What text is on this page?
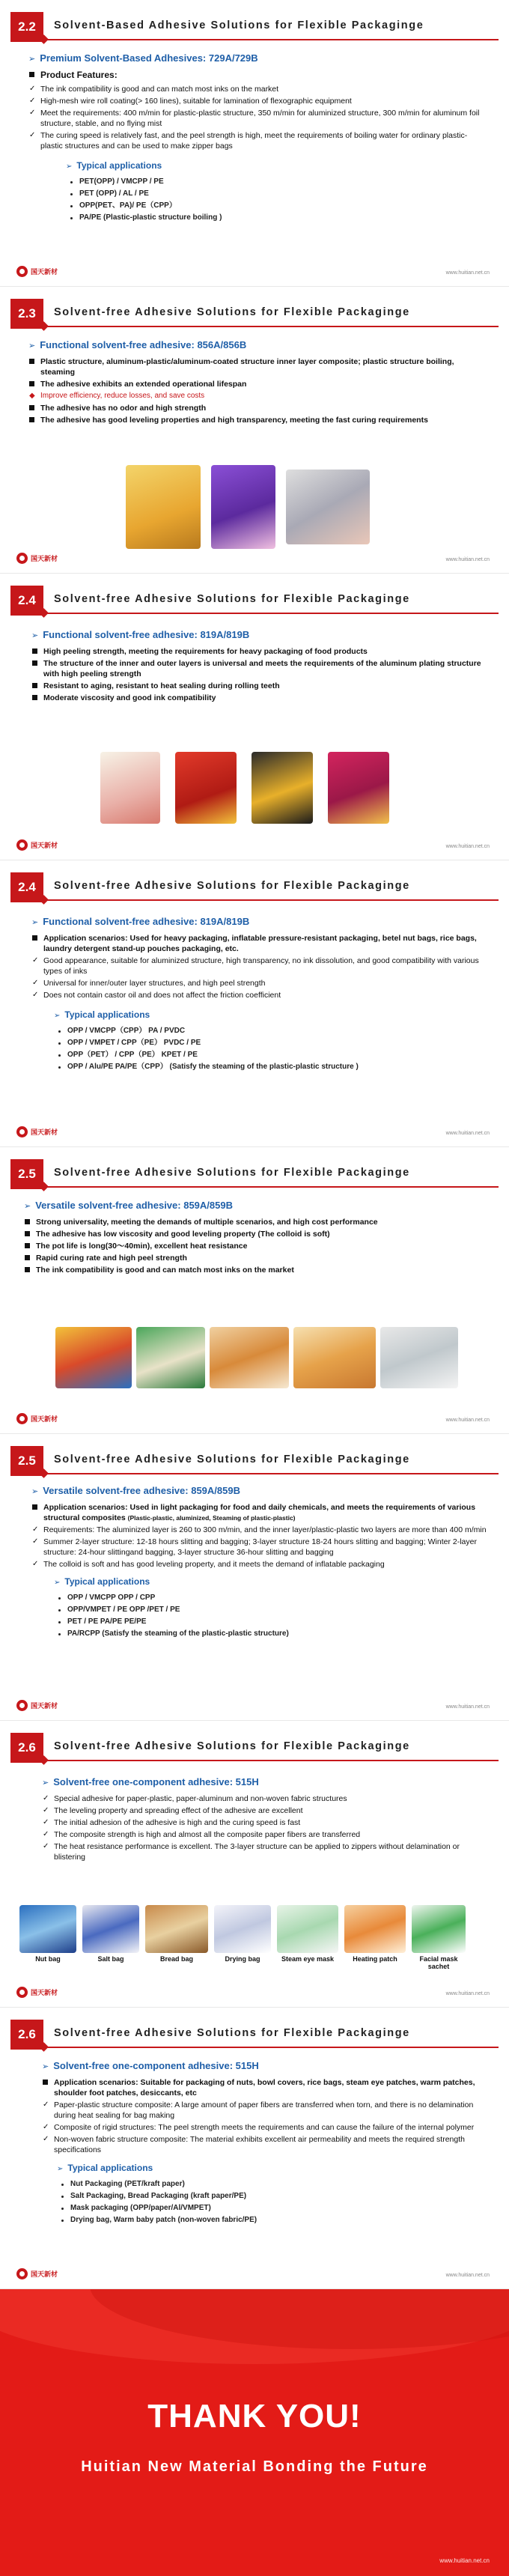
2.2	Solvent-Based Adhesive Solutions for Flexible Packaginge
➢ Premium Solvent-Based Adhesives: 729A/729B
Product Features:
✓ The ink compatibility is good and can match most inks on the market
✓ High-mesh wire roll coating(> 160 lines), suitable for lamination of flexographic equipment
✓ Meet the requirements: 400 m/min for plastic-plastic structure, 350 m/min for aluminized structure, 300 m/min for aluminum foil structure, stable, and no flying mist
✓ The curing speed is relatively fast, and the peel strength is high, meet the requirements of boiling water for ordinary plastic-plastic structures and can be used to make zipper bags
➢ Typical applications
PET(OPP) / VMCPP / PE
PET (OPP) / AL / PE
OPP(PET、PA)/ PE（CPP）
PA/PE (Plastic-plastic structure boiling )
国天新材	www.huitian.net.cn
2.3	Solvent-free Adhesive Solutions for Flexible Packaginge
➢ Functional solvent-free adhesive: 856A/856B
Plastic structure, aluminum-plastic/aluminum-coated structure inner layer composite; plastic structure boiling, steaming
The adhesive exhibits an extended operational lifespan
◆ Improve efficiency, reduce losses, and save costs
The adhesive has no odor and high strength
The adhesive has good leveling properties and high transparency, meeting the fast curing requirements
国天新材	www.huitian.net.cn
2.4	Solvent-free Adhesive Solutions for Flexible Packaginge
➢ Functional solvent-free adhesive: 819A/819B
High peeling strength, meeting the requirements for heavy packaging of food products
The structure of the inner and outer layers is universal and meets the requirements of the aluminum plating structure with high peeling strength
Resistant to aging, resistant to heat sealing during rolling teeth
Moderate viscosity and good ink compatibility
国天新材	www.huitian.net.cn
2.4	Solvent-free Adhesive Solutions for Flexible Packaginge
➢ Functional solvent-free adhesive: 819A/819B
Application scenarios: Used for heavy packaging, inflatable pressure-resistant packaging, betel nut bags, rice bags, laundry detergent stand-up pouches packaging, etc.
✓ Good appearance, suitable for aluminized structure, high transparency, no ink dissolution, and good compatibility with various types of inks
✓ Universal for inner/outer layer structures, and high peel strength
✓ Does not contain castor oil and does not affect the friction coefficient
➢ Typical applications
OPP / VMCPP（CPP） PA / PVDC
OPP / VMPET / CPP（PE） PVDC / PE
OPP（PET） / CPP（PE） KPET / PE
OPP / Alu/PE PA/PE（CPP） (Satisfy the steaming of the plastic-plastic structure )
国天新材	www.huitian.net.cn
2.5	Solvent-free Adhesive Solutions for Flexible Packaginge
➢ Versatile solvent-free adhesive: 859A/859B
Strong universality, meeting the demands of multiple scenarios, and high cost performance
The adhesive has low viscosity and good leveling property (The colloid is soft)
The pot life is long(30～40min), excellent heat resistance
Rapid curing rate and high peel strength
The ink compatibility is good and can match most inks on the market
国天新材	www.huitian.net.cn
2.5	Solvent-free Adhesive Solutions for Flexible Packaginge
➢ Versatile solvent-free adhesive: 859A/859B
Application scenarios: Used in light packaging for food and daily chemicals, and meets the requirements of various structural composites (Plastic-plastic, aluminized, Steaming of plastic-plastic)
✓ Requirements: The aluminized layer is 260 to 300 m/min, and the inner layer/plastic-plastic two layers are more than 400 m/min
✓ Summer 2-layer structure: 12-18 hours slitting and bagging; 3-layer structure 18-24 hours slitting and bagging; Winter 2-layer structure: 24-hour slittingand bagging, 3-layer structure 36-hour slitting and bagging
✓ The colloid is soft and has good leveling property, and it meets the demand of inflatable packaging
➢ Typical applications
OPP / VMCPP OPP / CPP
OPP/VMPET / PE OPP /PET / PE
PET / PE PA/PE PE/PE
PA/RCPP (Satisfy the steaming of the plastic-plastic structure)
国天新材	www.huitian.net.cn
2.6	Solvent-free Adhesive Solutions for Flexible Packaginge
➢ Solvent-free one-component adhesive: 515H
✓ Special adhesive for paper-plastic, paper-aluminum and non-woven fabric structures
✓ The leveling property and spreading effect of the adhesive are excellent
✓ The initial adhesion of the adhesive is high and the curing speed is fast
✓ The composite strength is high and almost all the composite paper fibers are transferred
✓ The heat resistance performance is excellent. The 3-layer structure can be applied to zippers without delamination or blistering
Nut bag	Salt bag	Bread bag	Drying bag	Steam eye mask	Heating patch	Facial mask sachet
国天新材	www.huitian.net.cn
2.6	Solvent-free Adhesive Solutions for Flexible Packaginge
➢ Solvent-free one-component adhesive: 515H
Application scenarios: Suitable for packaging of nuts, bowl covers, rice bags, steam eye patches, warm patches, shoulder foot patches, desiccants, etc
✓ Paper-plastic structure composite: A large amount of paper fibers are transferred when torn, and there is no delamination during heat sealing for bag making
✓ Composite of rigid structures: The peel strength meets the requirements and can cause the failure of the internal polymer
✓ Non-woven fabric structure composite: The material exhibits excellent air permeability and meets the required strength specifications
➢ Typical applications
Nut Packaging (PET/kraft paper)
Salt Packaging, Bread Packaging (kraft paper/PE)
Mask packaging (OPP/paper/Al/VMPET)
Drying bag, Warm baby patch (non-woven fabric/PE)
国天新材	www.huitian.net.cn
THANK YOU!
Huitian New Material Bonding the Future
www.huitian.net.cn
